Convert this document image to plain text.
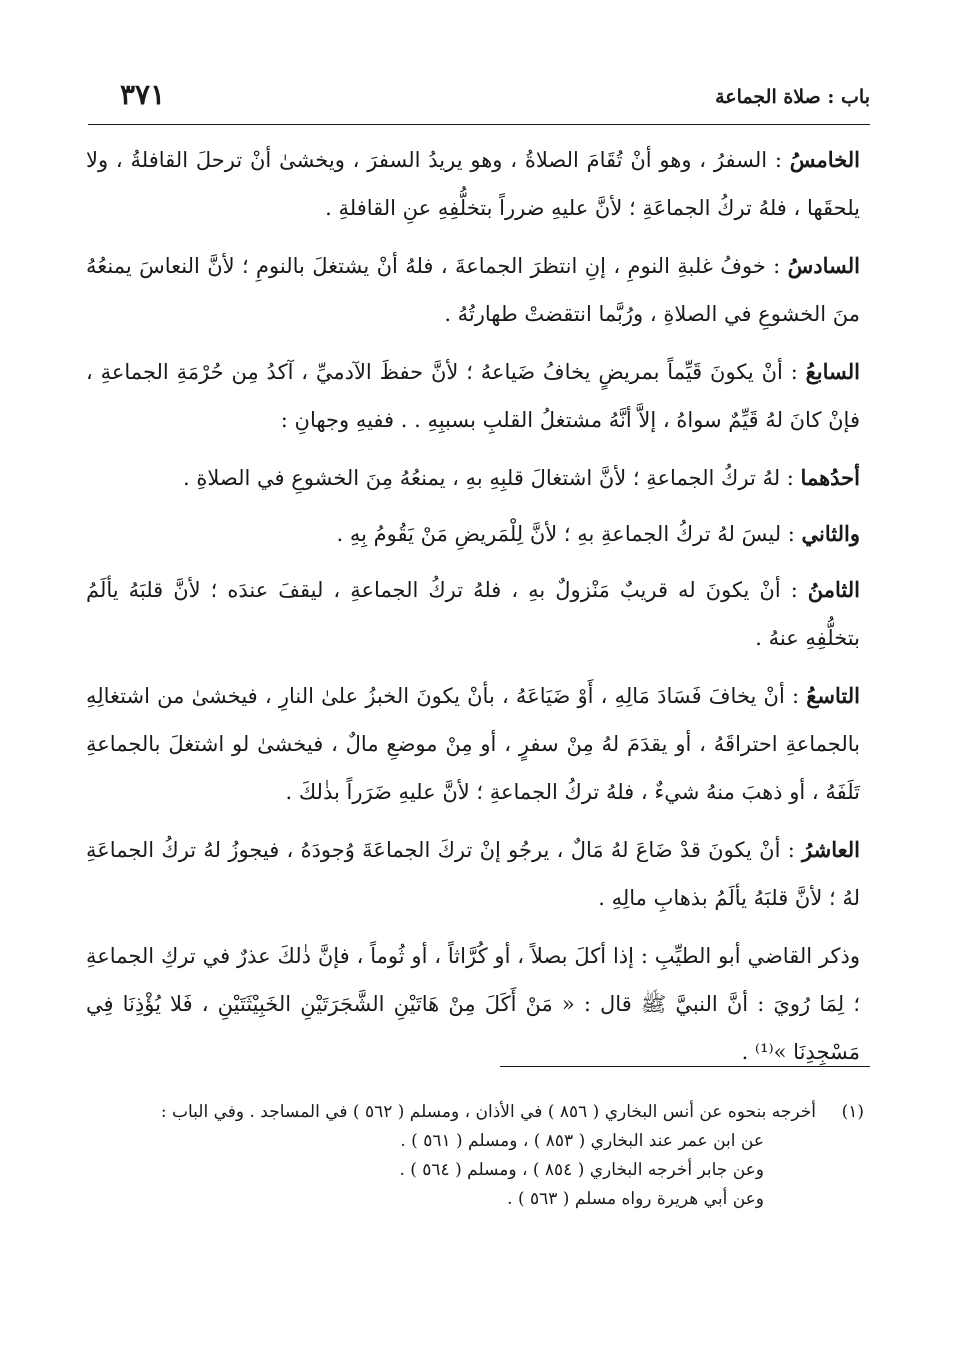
باب : صلاة الجماعة
٣٧١

الخامسُ : السفرُ ، وهو أنْ تُقَامَ الصلاةُ ، وهو يريدُ السفرَ ، ويخشىٰ أنْ ترحلَ القافلةُ ، ولا يلحقَها ، فلهُ تركُ الجماعَةِ ؛ لأنَّ عليهِ ضرراً بتخلُّفِهِ عنِ القافلةِ .

السادسُ : خوفُ غلبةِ النومِ ، إنِ انتظرَ الجماعةَ ، فلهُ أنْ يشتغلَ بالنومِ ؛ لأنَّ النعاسَ يمنعُهُ منَ الخشوعِ في الصلاةِ ، ورُبَّما انتقضتْ طهارتُهُ .

السابعُ : أنْ يكونَ قَيِّماً بمريضٍ يخافُ ضَياعهُ ؛ لأنَّ حفظَ الآدميِّ ، آكدُ مِن حُرْمَةِ الجماعةِ ، فإنْ كانَ لهُ قَيِّمٌ سواهُ ، إلاَّ أنَّهُ مشتغلُ القلبِ بسببِهِ . . ففيهِ وجهانِ :

أحدُهما : لهُ تركُ الجماعةِ ؛ لأنَّ اشتغالَ قلبِهِ بهِ ، يمنعُهُ مِنَ الخشوعِ في الصلاةِ .

والثاني : ليسَ لهُ تركُ الجماعةِ بهِ ؛ لأنَّ لِلْمَريضِ مَنْ يَقُومُ بِهِ .

الثامنُ : أنْ يكونَ له قريبٌ مَنْزولٌ بهِ ، فلهُ تركُ الجماعةِ ، ليقفَ عندَه ؛ لأنَّ قلبَهُ يألَمُ بتخلُّفِهِ عنهُ .

التاسعُ : أنْ يخافَ فَسَادَ مَالِهِ ، أَوْ ضَيَاعَهُ ، بأنْ يكونَ الخبزُ علىٰ النارِ ، فيخشىٰ من اشتغالِهِ بالجماعةِ احتراقَهُ ، أو يقدَمَ لهُ مِنْ سفرٍ ، أو مِنْ موضعِ مالٌ ، فيخشىٰ لو اشتغلَ بالجماعةِ تَلَفَهُ ، أو ذهبَ منهُ شيءٌ ، فلهُ تركُ الجماعةِ ؛ لأنَّ عليهِ ضَرَراً بذٰلكَ .

العاشرُ : أنْ يكونَ قدْ ضَاعَ لهُ مَالٌ ، يرجُو إنْ تركَ الجماعَةَ وُجودَهُ ، فيجوزُ لهُ تركُ الجماعَةِ لهُ ؛ لأنَّ قلبَهُ يألَمُ بذهابِ مالِهِ .

وذكر القاضي أبو الطيِّبِ : إذا أكلَ بصلاً ، أو كُرَّاثاً ، أو ثُوماً ، فإنَّ ذٰلكَ عذرٌ في تركِ الجماعةِ ؛ لِمَا رُويَ : أنَّ النبيَّ ﷺ قال : « مَنْ أَكَلَ مِنْ هَاتَيْنِ الشَّجَرَتَيْنِ الخَبِيْثَتَيْنِ ، فَلا يُؤْذِنَا فِي مَسْجِدِنَا »⁽¹⁾ .

(١)
أخرجه بنحوه عن أنس البخاري ( ٨٥٦ ) في الأذان ، ومسلم ( ٥٦٢ ) في المساجد . وفي الباب :

عن ابن عمر عند البخاري ( ٨٥٣ ) ، ومسلم ( ٥٦١ ) .

وعن جابر أخرجه البخاري ( ٨٥٤ ) ، ومسلم ( ٥٦٤ ) .

وعن أبي هريرة رواه مسلم ( ٥٦٣ ) .
